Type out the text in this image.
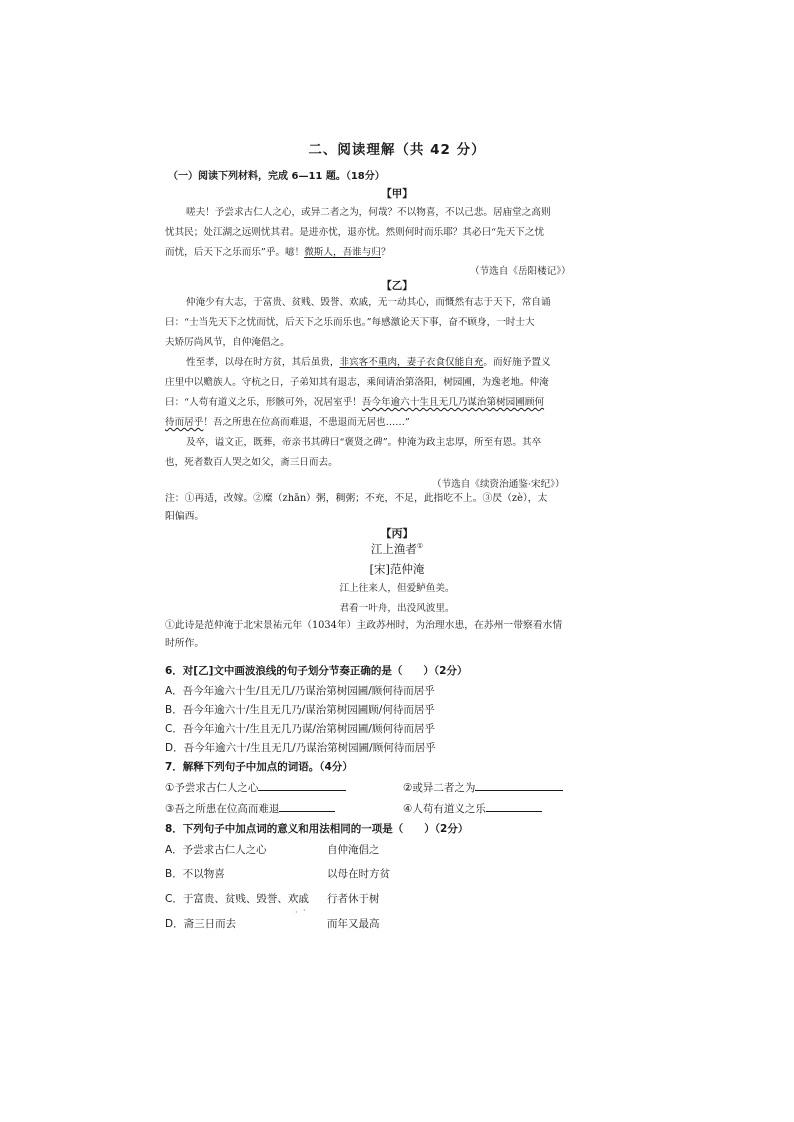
二、阅读理解（共 42 分）
（一）阅读下列材料，完成 6—11 题。（18分）
【甲】
嗟夫！予尝求古仁人之心，或异二者之为，何哉？不以物喜，不以己悲。居庙堂之高则
忧其民；处江湖之远则忧其君。是进亦忧，退亦忧。然则何时而乐耶？其必曰“先天下之忧
而忧，后天下之乐而乐”乎。噫！微斯人，吾谁与归？
（节选自《岳阳楼记》）
【乙】
仲淹少有大志，于富贵、贫贱、毁誉、欢戚，无一动其心，而慨然有志于天下，常自诵
曰：“士当先天下之忧而忧，后天下之乐而乐也。”每感激论天下事，奋不顾身，一时士大
夫矫厉尚风节，自仲淹倡之。
性至孝，以母在时方贫，其后虽贵，非宾客不重肉，妻子衣食仅能自充。而好施予置义
庄里中以赡族人。守杭之日，子弟知其有退志，乘间请治第洛阳，树园圃，为逸老地。仲淹
曰：“人苟有道义之乐，形骸可外，况居室乎！吾今年逾六十生且无几乃谋治第树园圃顾何
待而居乎！吾之所患在位高而难退，不患退而无居也……”
及卒，谥文正，既葬，帝亲书其碑曰“褒贤之碑”。仲淹为政主忠厚，所至有恩。其卒
也，死者数百人哭之如父，斋三日而去。
（节选自《续资治通鉴·宋纪》）
注：①再适，改嫁。②糜（zhān）粥，稠粥；不充，不足，此指吃不上。③昃（zè），太
阳偏西。
【丙】
江上渔者①
[宋]范仲淹
江上往来人，但爱鲈鱼美。
君看一叶舟，出没风波里。
①此诗是范仲淹于北宋景祐元年（1034年）主政苏州时，为治理水患，在苏州一带察看水情
时所作。
6．对[乙]文中画波浪线的句子划分节奏正确的是（　　）（2分）
A．吾今年逾六十生/且无几/乃谋治第树园圃/顾何待而居乎
B．吾今年逾六十/生且无几乃/谋治第树园圃顾/何待而居乎
C．吾今年逾六十/生且无几乃谋/治第树园圃/顾何待而居乎
D．吾今年逾六十/生且无几/乃谋治第树园圃/顾何待而居乎
7．解释下列句子中加点的词语。（4分）
①予尝求古仁人之心	②或异二者之为
③吾之所患在位高而难退	④人苟有道义之乐
8．下列句子中加点词的意义和用法相同的一项是（　　）（2分）
A．予尝求古仁人之心	自仲淹倡之
B．不以物喜	以母在时方贫
C．于富贵、贫贱、毁誉、欢戚 行者休于树
D．斋三日而去	而年又最高
· ·
